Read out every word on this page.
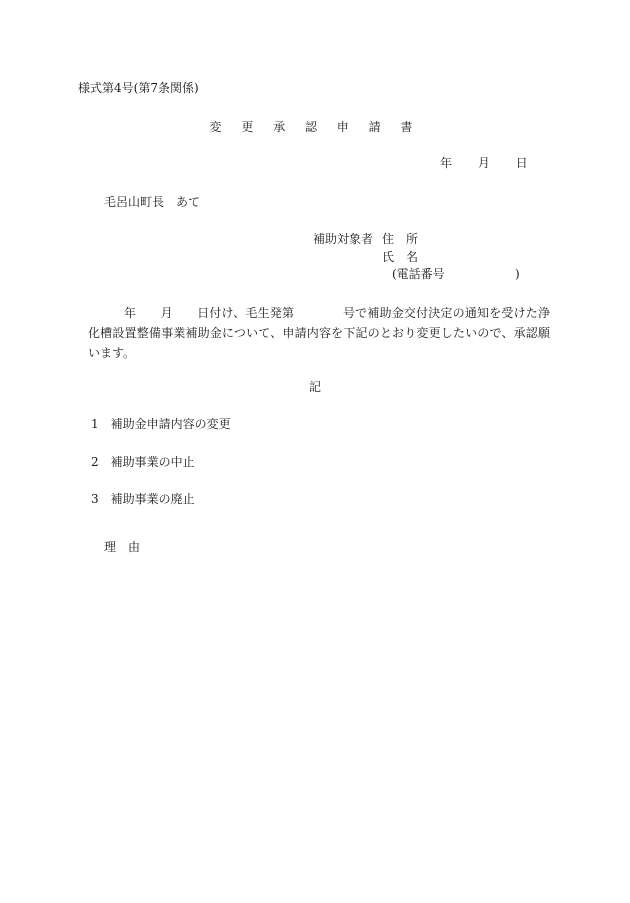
様式第4号(第7条関係)
変 更 承 認 申 請 書
年 月 日
毛呂山町長　あて
補助対象者 住　所
氏　名
(電話番号	)
年　　月　　日付け、毛生発第　　　　号で補助金交付決定の通知を受けた浄化槽設置整備事業補助金について、申請内容を下記のとおり変更したいので、承認願います。
記
1　補助金申請内容の変更
2　補助事業の中止
3　補助事業の廃止
理　由
